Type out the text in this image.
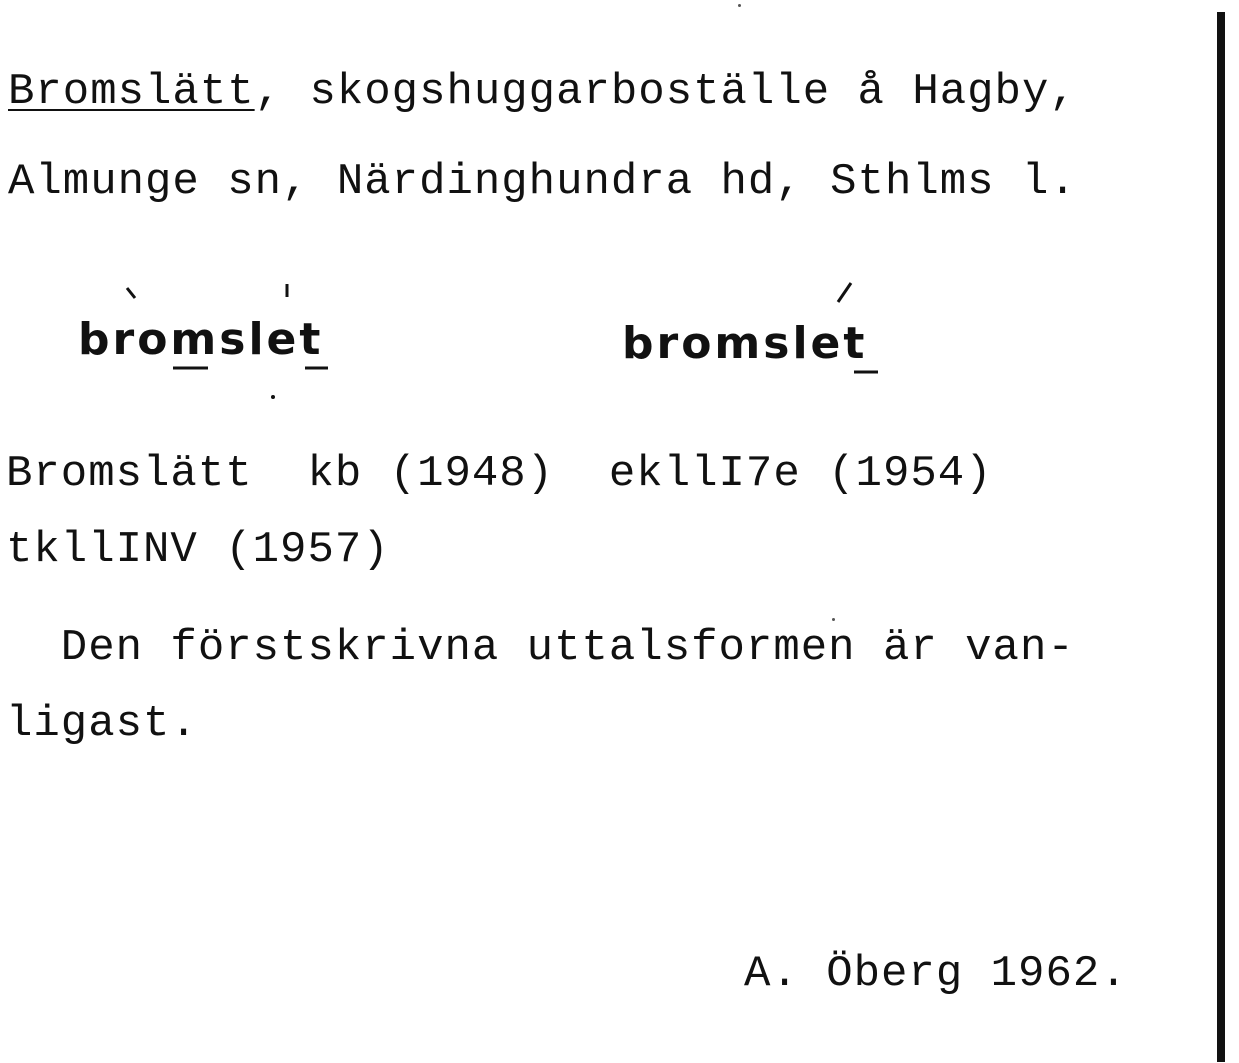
Bromslätt, skogshuggarboställe å Hagby,
Almunge sn, Närdinghundra hd, Sthlms l.
bromslet	bromslet
Bromslätt  kb (1948)  ekllI7e (1954)
tkllINV (1957)
Den förstskrivna uttalsformen är van-
ligast.
A. Öberg 1962.
